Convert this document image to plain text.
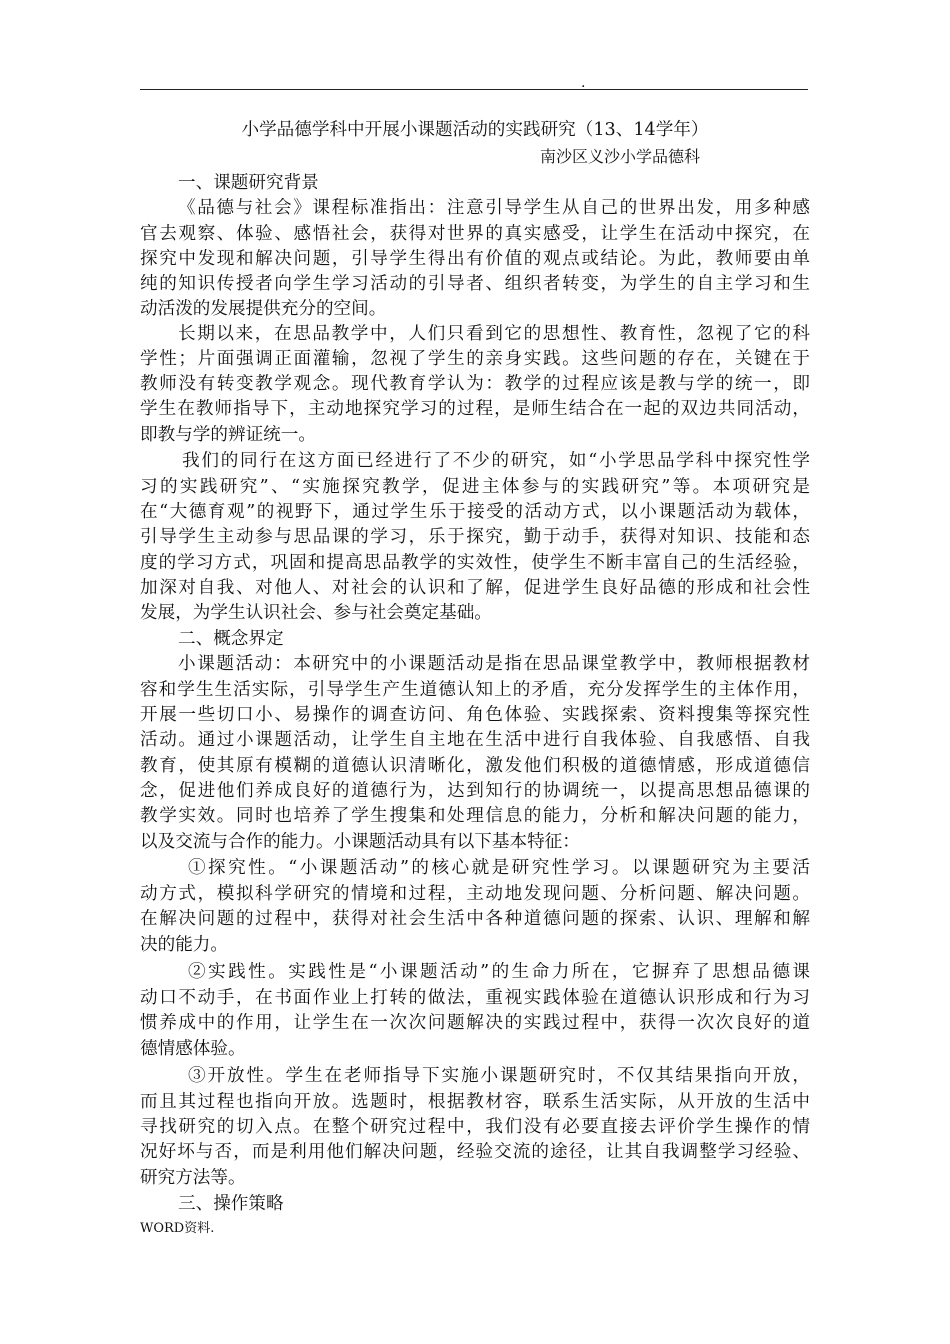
.
小学品德学科中开展小课题活动的实践研究（13、14学年）
南沙区义沙小学品德科
一、课题研究背景
《品德与社会》课程标准指出：注意引导学生从自己的世界出发，用多种感
官去观察、体验、感悟社会，获得对世界的真实感受，让学生在活动中探究，在
探究中发现和解决问题，引导学生得出有价值的观点或结论。为此，教师要由单
纯的知识传授者向学生学习活动的引导者、组织者转变，为学生的自主学习和生
动活泼的发展提供充分的空间。
长期以来，在思品教学中，人们只看到它的思想性、教育性，忽视了它的科
学性；片面强调正面灌输，忽视了学生的亲身实践。这些问题的存在，关键在于
教师没有转变教学观念。现代教育学认为：教学的过程应该是教与学的统一，即
学生在教师指导下，主动地探究学习的过程，是师生结合在一起的双边共同活动，
即教与学的辨证统一。
我们的同行在这方面已经进行了不少的研究，如“小学思品学科中探究性学
习的实践研究”、“实施探究教学，促进主体参与的实践研究”等。本项研究是
在“大德育观”的视野下，通过学生乐于接受的活动方式，以小课题活动为载体，
引导学生主动参与思品课的学习，乐于探究，勤于动手，获得对知识、技能和态
度的学习方式，巩固和提高思品教学的实效性，使学生不断丰富自己的生活经验，
加深对自我、对他人、对社会的认识和了解，促进学生良好品德的形成和社会性
发展，为学生认识社会、参与社会奠定基础。
二、概念界定
小课题活动：本研究中的小课题活动是指在思品课堂教学中，教师根据教材
容和学生生活实际，引导学生产生道德认知上的矛盾，充分发挥学生的主体作用，
开展一些切口小、易操作的调查访问、角色体验、实践探索、资料搜集等探究性
活动。通过小课题活动，让学生自主地在生活中进行自我体验、自我感悟、自我
教育，使其原有模糊的道德认识清晰化，激发他们积极的道德情感，形成道德信
念，促进他们养成良好的道德行为，达到知行的协调统一，以提高思想品德课的
教学实效。同时也培养了学生搜集和处理信息的能力，分析和解决问题的能力，
以及交流与合作的能力。小课题活动具有以下基本特征：
①探究性。“小课题活动”的核心就是研究性学习。以课题研究为主要活
动方式，模拟科学研究的情境和过程，主动地发现问题、分析问题、解决问题。
在解决问题的过程中，获得对社会生活中各种道德问题的探索、认识、理解和解
决的能力。
②实践性。实践性是“小课题活动”的生命力所在，它摒弃了思想品德课
动口不动手，在书面作业上打转的做法，重视实践体验在道德认识形成和行为习
惯养成中的作用，让学生在一次次问题解决的实践过程中，获得一次次良好的道
德情感体验。
③开放性。学生在老师指导下实施小课题研究时，不仅其结果指向开放，
而且其过程也指向开放。选题时，根据教材容，联系生活实际，从开放的生活中
寻找研究的切入点。在整个研究过程中，我们没有必要直接去评价学生操作的情
况好坏与否，而是利用他们解决问题，经验交流的途径，让其自我调整学习经验、
研究方法等。
三、操作策略
WORD资料.
